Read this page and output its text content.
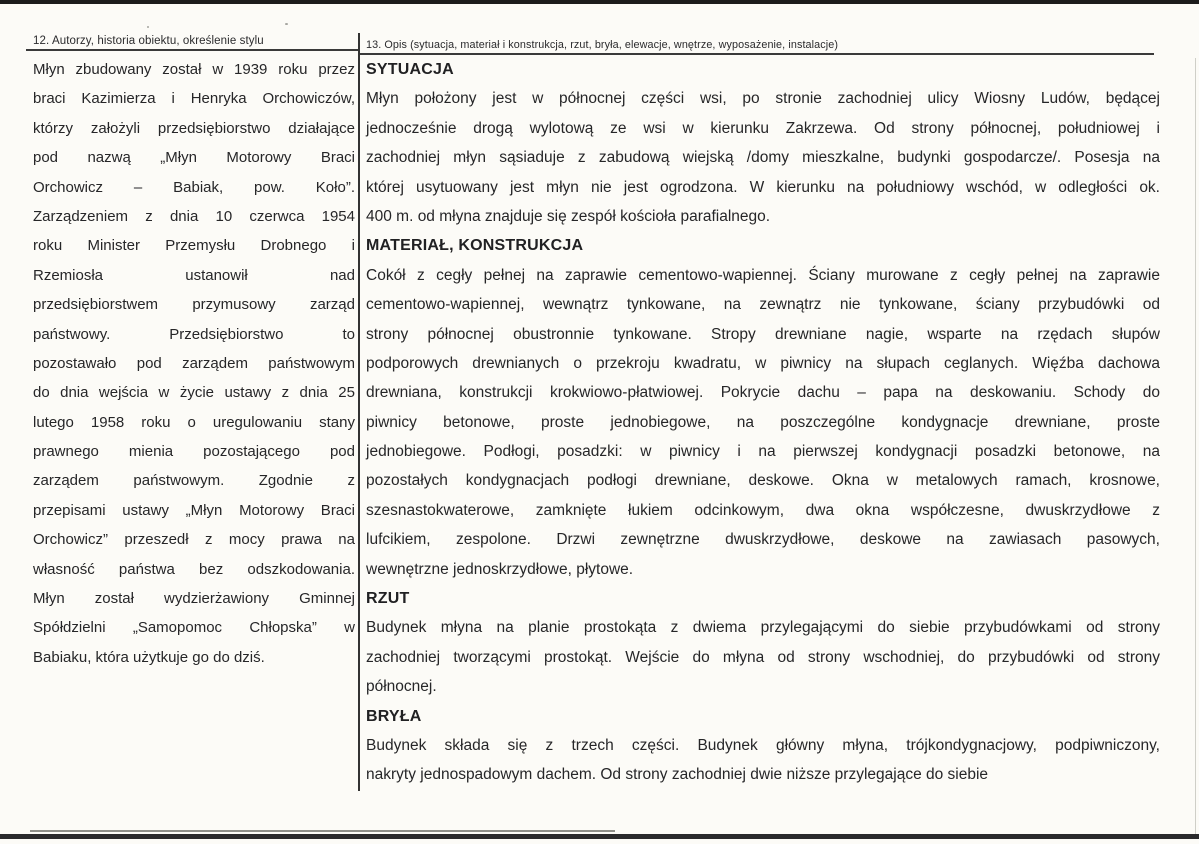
12. Autorzy, historia obiektu, określenie stylu	13. Opis (sytuacja, materiał i konstrukcja, rzut, bryła, elewacje, wnętrze, wyposażenie, instalacje)
Młyn zbudowany został w 1939 roku przez
braci Kazimierza i Henryka Orchowiczów,
którzy założyli przedsiębiorstwo działające
pod nazwą „Młyn Motorowy Braci
Orchowicz – Babiak, pow. Koło”.
Zarządzeniem z dnia 10 czerwca 1954
roku Minister Przemysłu Drobnego i
Rzemiosła ustanowił nad
przedsiębiorstwem przymusowy zarząd
państwowy. Przedsiębiorstwo to
pozostawało pod zarządem państwowym
do dnia wejścia w życie ustawy z dnia 25
lutego 1958 roku o uregulowaniu stany
prawnego mienia pozostającego pod
zarządem państwowym. Zgodnie z
przepisami ustawy „Młyn Motorowy Braci
Orchowicz” przeszedł z mocy prawa na
własność państwa bez odszkodowania.
Młyn został wydzierżawiony Gminnej
Spółdzielni „Samopomoc Chłopska” w
Babiaku, która użytkuje go do dziś.
SYTUACJA
Młyn położony jest w północnej części wsi, po stronie zachodniej ulicy Wiosny Ludów, będącej
jednocześnie drogą wylotową ze wsi w kierunku Zakrzewa. Od strony północnej, południowej i
zachodniej młyn sąsiaduje z zabudową wiejską /domy mieszkalne, budynki gospodarcze/. Posesja na
której usytuowany jest młyn nie jest ogrodzona. W kierunku na południowy wschód, w odległości ok.
400 m. od młyna znajduje się zespół kościoła parafialnego.
MATERIAŁ, KONSTRUKCJA
Cokół z cegły pełnej na zaprawie cementowo-wapiennej. Ściany murowane z cegły pełnej na zaprawie
cementowo-wapiennej, wewnątrz tynkowane, na zewnątrz nie tynkowane, ściany przybudówki od
strony północnej obustronnie tynkowane. Stropy drewniane nagie, wsparte na rzędach słupów
podporowych drewnianych o przekroju kwadratu, w piwnicy na słupach ceglanych. Więźba dachowa
drewniana, konstrukcji krokwiowo-płatwiowej. Pokrycie dachu – papa na deskowaniu. Schody do
piwnicy betonowe, proste jednobiegowe, na poszczególne kondygnacje drewniane, proste
jednobiegowe. Podłogi, posadzki: w piwnicy i na pierwszej kondygnacji posadzki betonowe, na
pozostałych kondygnacjach podłogi drewniane, deskowe. Okna w metalowych ramach, krosnowe,
szesnastokwaterowe, zamknięte łukiem odcinkowym, dwa okna współczesne, dwuskrzydłowe z
lufcikiem, zespolone. Drzwi zewnętrzne dwuskrzydłowe, deskowe na zawiasach pasowych,
wewnętrzne jednoskrzydłowe, płytowe.
RZUT
Budynek młyna na planie prostokąta z dwiema przylegającymi do siebie przybudówkami od strony
zachodniej tworzącymi prostokąt. Wejście do młyna od strony wschodniej, do przybudówki od strony
północnej.
BRYŁA
Budynek składa się z trzech części. Budynek główny młyna, trójkondygnacjowy, podpiwniczony,
nakryty jednospadowym dachem. Od strony zachodniej dwie niższe przylegające do siebie
